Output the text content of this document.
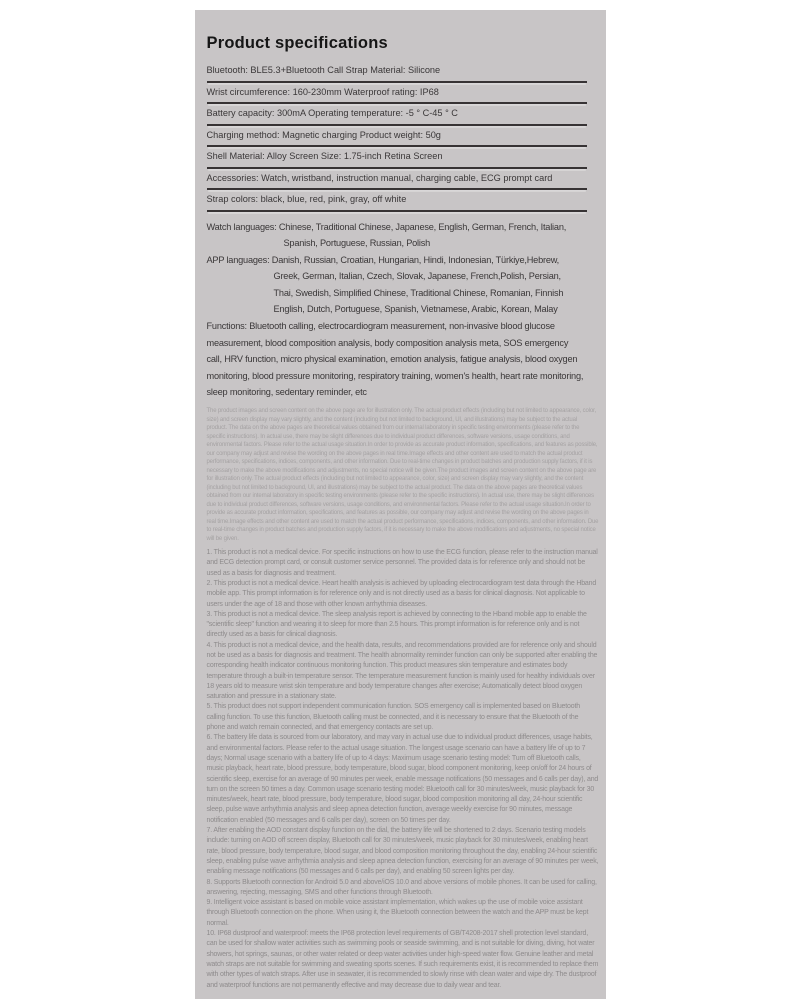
Product specifications
Bluetooth: BLE5.3+Bluetooth Call Strap Material: Silicone
Wrist circumference: 160-230mm Waterproof rating: IP68
Battery capacity: 300mA Operating temperature: -5 ° C-45 ° C
Charging method: Magnetic charging Product weight: 50g
Shell Material: Alloy Screen Size: 1.75-inch Retina Screen
Accessories: Watch, wristband, instruction manual, charging cable, ECG prompt card
Strap colors: black, blue, red, pink, gray, off white
Watch languages: Chinese, Traditional Chinese, Japanese, English, German, French, Italian,
Spanish, Portuguese, Russian, Polish
APP languages: Danish, Russian, Croatian, Hungarian, Hindi, Indonesian, Türkiye,Hebrew,
Greek, German, Italian, Czech, Slovak, Japanese, French,Polish, Persian,
Thai, Swedish, Simplified Chinese, Traditional Chinese, Romanian, Finnish
English, Dutch, Portuguese, Spanish, Vietnamese, Arabic, Korean, Malay
Functions: Bluetooth calling, electrocardiogram measurement, non-invasive blood glucose
measurement, blood composition analysis, body composition analysis meta, SOS emergency
call, HRV function, micro physical examination, emotion analysis, fatigue analysis, blood oxygen
monitoring, blood pressure monitoring, respiratory training, women's health, heart rate monitoring,
sleep monitoring, sedentary reminder, etc

The product images and screen content on the above page are for illustration only. The actual product effects (including but not limited to appearance, color, size) and screen display may vary slightly, and the content (including but not limited to background, UI, and illustrations) may be subject to the actual product. The data on the above pages are theoretical values obtained from our internal laboratory in specific testing environments (please refer to the specific instructions). In actual use, there may be slight differences due to individual product differences, software versions, usage conditions, and environmental factors. Please refer to the actual usage situation.In order to provide as accurate product information, specifications, and features as possible, our company may adjust and revise the wording on the above pages in real time.Image effects and other content are used to match the actual product performance, specifications, indices, components, and other information. Due to real-time changes in product batches and production supply factors, if it is necessary to make the above modifications and adjustments, no special notice will be given.The product images and screen content on the above page are for illustration only. The actual product effects (including but not limited to appearance, color, size) and screen display may vary slightly, and the content (including but not limited to background, UI, and illustrations) may be subject to the actual product. The data on the above pages are theoretical values obtained from our internal laboratory in specific testing environments (please refer to the specific instructions). In actual use, there may be slight differences due to individual product differences, software versions, usage conditions, and environmental factors. Please refer to the actual usage situation.In order to provide as accurate product information, specifications, and features as possible, our company may adjust and revise the wording on the above pages in real time.Image effects and other content are used to match the actual product performance, specifications, indices, components, and other information. Due to real-time changes in product batches and production supply factors, if it is necessary to make the above modifications and adjustments, no special notice will be given.

1. This product is not a medical device. For specific instructions on how to use the ECG function, please refer to the instruction manual and ECG detection prompt card, or consult customer service personnel. The provided data is for reference only and should not be used as a basis for diagnosis and treatment.

2. This product is not a medical device. Heart health analysis is achieved by uploading electrocardiogram test data through the Hband mobile app. This prompt information is for reference only and is not directly used as a basis for clinical diagnosis. Not applicable to users under the age of 18 and those with other known arrhythmia diseases.

3. This product is not a medical device. The sleep analysis report is achieved by connecting to the Hband mobile app to enable the "scientific sleep" function and wearing it to sleep for more than 2.5 hours. This prompt information is for reference only and is not directly used as a basis for clinical diagnosis.

4. This product is not a medical device, and the health data, results, and recommendations provided are for reference only and should not be used as a basis for diagnosis and treatment. The health abnormality reminder function can only be supported after enabling the corresponding health indicator continuous monitoring function. This product measures skin temperature and estimates body temperature through a built-in temperature sensor. The temperature measurement function is mainly used for healthy individuals over 18 years old to measure wrist skin temperature and body temperature changes after exercise; Automatically detect blood oxygen saturation and pressure in a stationary state.

5. This product does not support independent communication function. SOS emergency call is implemented based on Bluetooth calling function. To use this function, Bluetooth calling must be connected, and it is necessary to ensure that the Bluetooth of the phone and watch remain connected, and that emergency contacts are set up.

6. The battery life data is sourced from our laboratory, and may vary in actual use due to individual product differences, usage habits, and environmental factors. Please refer to the actual usage situation. The longest usage scenario can have a battery life of up to 7 days; Normal usage scenario with a battery life of up to 4 days: Maximum usage scenario testing model: Turn off Bluetooth calls, music playback, heart rate, blood pressure, body temperature, blood sugar, blood component monitoring, keep on/off for 24 hours of scientific sleep, exercise for an average of 90 minutes per week, enable message notifications (50 messages and 6 calls per day), and turn on the screen 50 times a day. Common usage scenario testing model: Bluetooth call for 30 minutes/week, music playback for 30 minutes/week, heart rate, blood pressure, body temperature, blood sugar, blood composition monitoring all day, 24-hour scientific sleep, pulse wave arrhythmia analysis and sleep apnea detection function, average weekly exercise for 90 minutes, message notification enabled (50 messages and 6 calls per day), screen on 50 times per day.

7. After enabling the AOD constant display function on the dial, the battery life will be shortened to 2 days. Scenario testing models include: turning on AOD off screen display, Bluetooth call for 30 minutes/week, music playback for 30 minutes/week, enabling heart rate, blood pressure, body temperature, blood sugar, and blood composition monitoring throughout the day, enabling 24-hour scientific sleep, enabling pulse wave arrhythmia analysis and sleep apnea detection function, exercising for an average of 90 minutes per week, enabling message notifications (50 messages and 6 calls per day), and enabling 50 screen lights per day.

8. Supports Bluetooth connection for Android 5.0 and above/iOS 10.0 and above versions of mobile phones. It can be used for calling, answering, rejecting, messaging, SMS and other functions through Bluetooth.

9. Intelligent voice assistant is based on mobile voice assistant implementation, which wakes up the use of mobile voice assistant through Bluetooth connection on the phone. When using it, the Bluetooth connection between the watch and the APP must be kept normal.

10. IP68 dustproof and waterproof: meets the IP68 protection level requirements of GB/T4208-2017 shell protection level standard, can be used for shallow water activities such as swimming pools or seaside swimming, and is not suitable for diving, diving, hot water showers, hot springs, saunas, or other water related or deep water activities under high-speed water flow. Genuine leather and metal watch straps are not suitable for swimming and sweating sports scenes. If such requirements exist, it is recommended to replace them with other types of watch straps. After use in seawater, it is recommended to slowly rinse with clean water and wipe dry. The dustproof and waterproof functions are not permanently effective and may decrease due to daily wear and tear.
